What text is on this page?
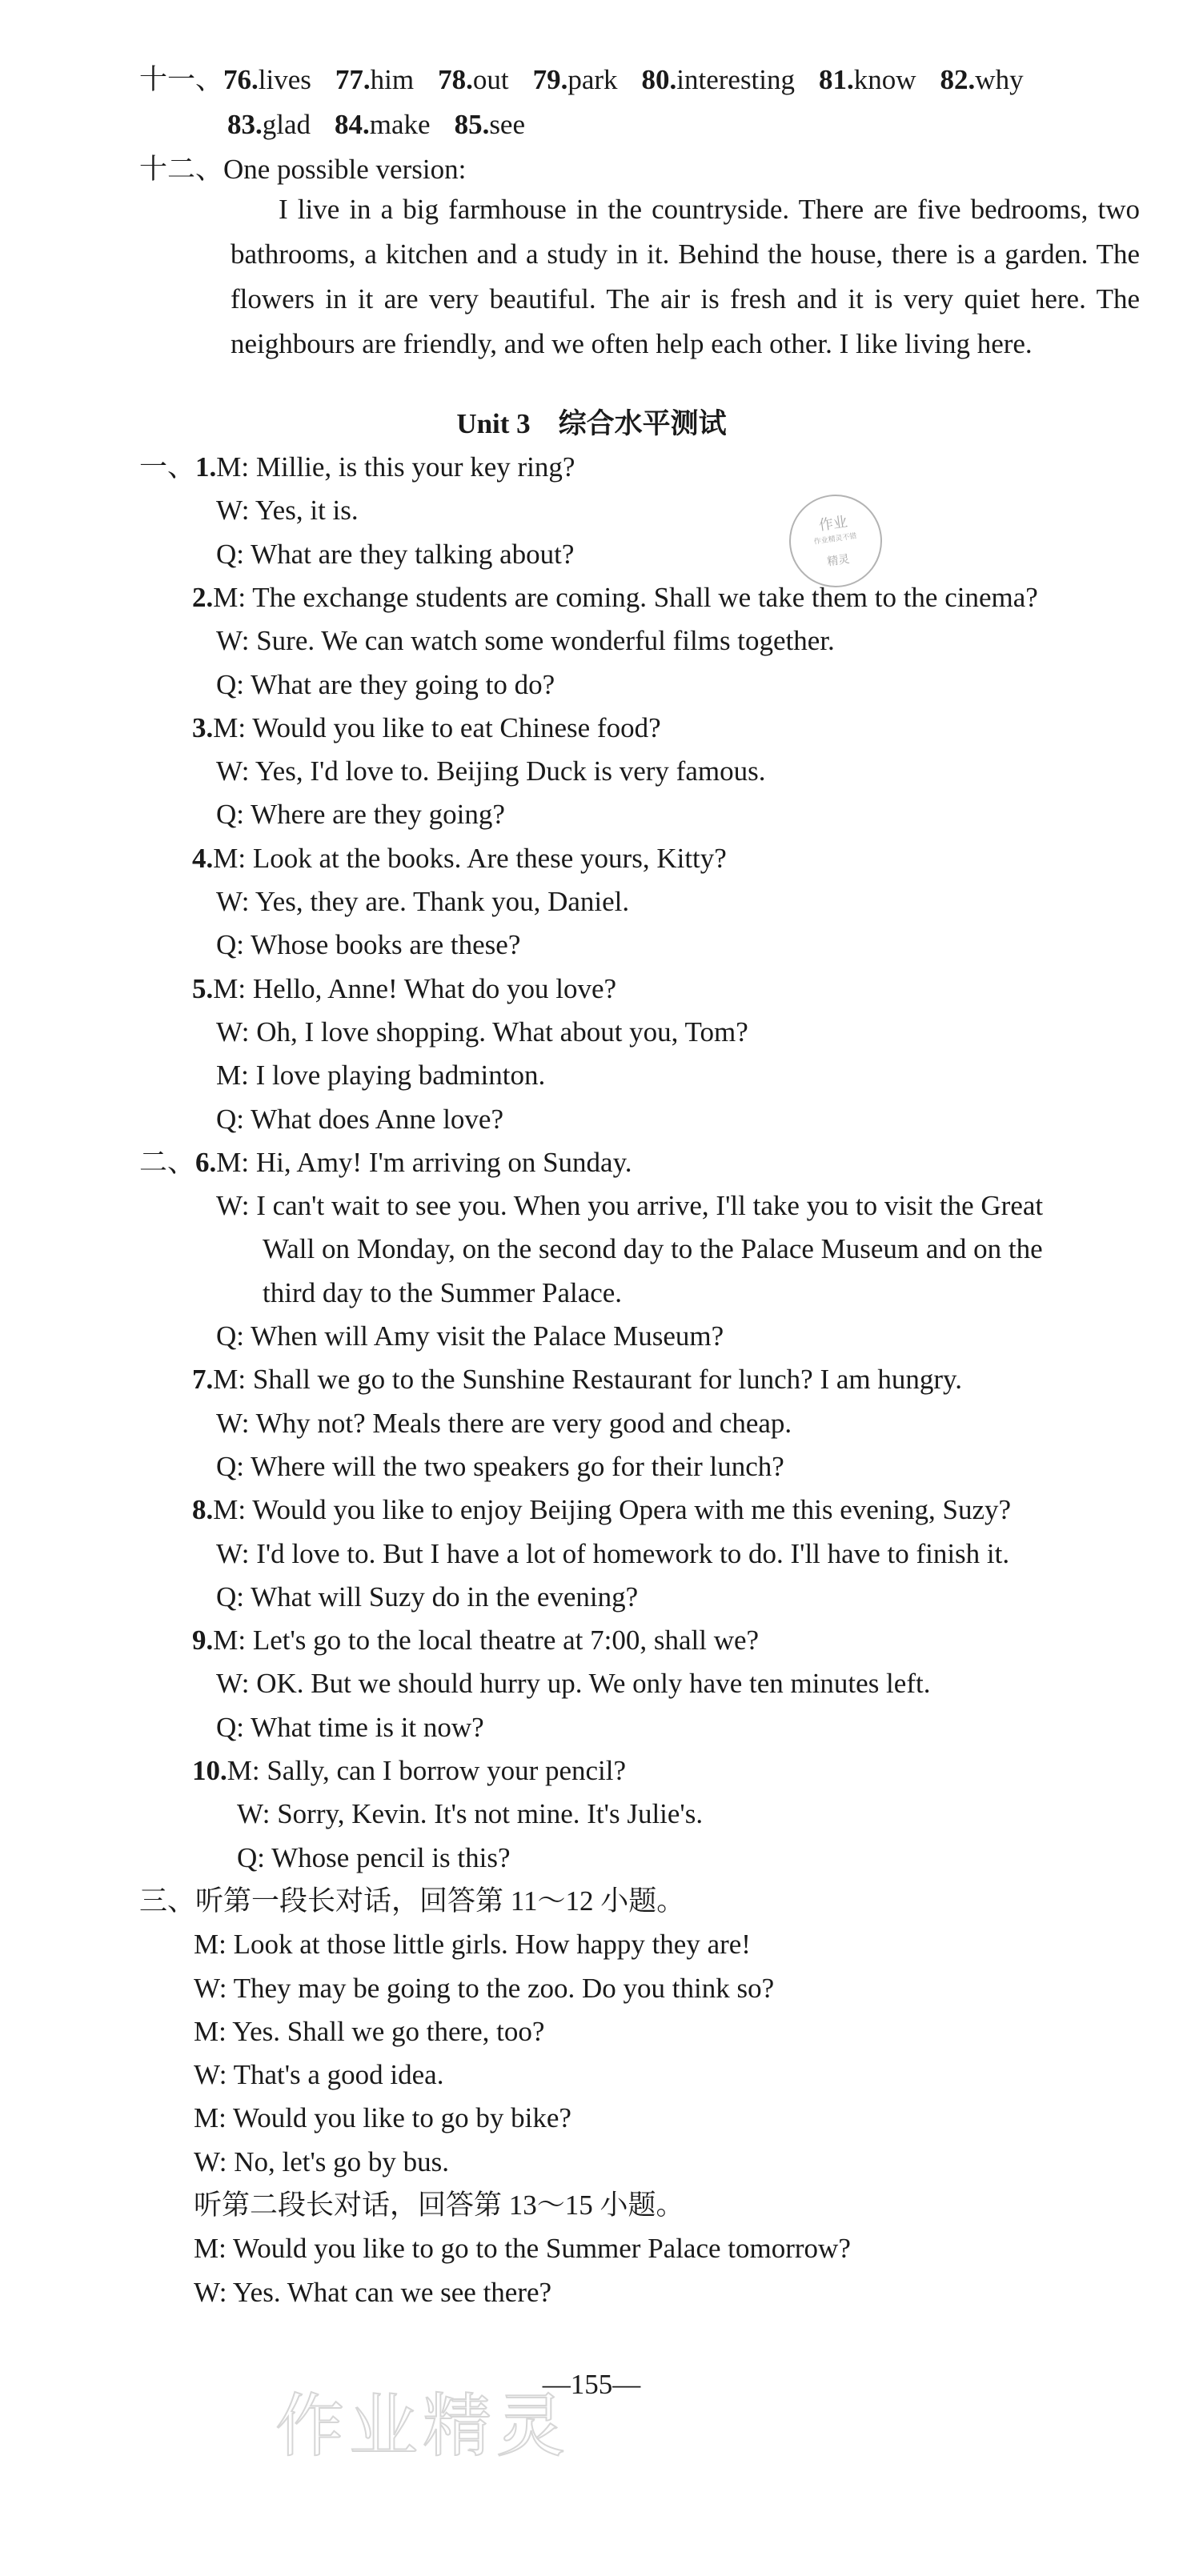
十一、76.lives 77.him 78.out 79.park 80.interesting 81.know 82.why
83.glad 84.make 85.see
十二、One possible version:
I live in a big farmhouse in the countryside. There are five bedrooms, two bathrooms, a kitchen and a study in it. Behind the house, there is a garden. The flowers in it are very beautiful. The air is fresh and it is very quiet here. The neighbours are friendly, and we often help each other. I like living here.
Unit 3　综合水平测试
作业
作业精灵不错
精灵
一、1.M: Millie, is this your key ring?
W: Yes, it is.
Q: What are they talking about?
2.M: The exchange students are coming. Shall we take them to the cinema?
W: Sure. We can watch some wonderful films together.
Q: What are they going to do?
3.M: Would you like to eat Chinese food?
W: Yes, I'd love to. Beijing Duck is very famous.
Q: Where are they going?
4.M: Look at the books. Are these yours, Kitty?
W: Yes, they are. Thank you, Daniel.
Q: Whose books are these?
5.M: Hello, Anne! What do you love?
W: Oh, I love shopping. What about you, Tom?
M: I love playing badminton.
Q: What does Anne love?
二、6.M: Hi, Amy! I'm arriving on Sunday.
W: I can't wait to see you. When you arrive, I'll take you to visit the Great
Wall on Monday, on the second day to the Palace Museum and on the
third day to the Summer Palace.
Q: When will Amy visit the Palace Museum?
7.M: Shall we go to the Sunshine Restaurant for lunch? I am hungry.
W: Why not? Meals there are very good and cheap.
Q: Where will the two speakers go for their lunch?
8.M: Would you like to enjoy Beijing Opera with me this evening, Suzy?
W: I'd love to. But I have a lot of homework to do. I'll have to finish it.
Q: What will Suzy do in the evening?
9.M: Let's go to the local theatre at 7:00, shall we?
W: OK. But we should hurry up. We only have ten minutes left.
Q: What time is it now?
10.M: Sally, can I borrow your pencil?
W: Sorry, Kevin. It's not mine. It's Julie's.
Q: Whose pencil is this?
三、听第一段长对话，回答第 11～12 小题。
M: Look at those little girls. How happy they are!
W: They may be going to the zoo. Do you think so?
M: Yes. Shall we go there, too?
W: That's a good idea.
M: Would you like to go by bike?
W: No, let's go by bus.
听第二段长对话，回答第 13～15 小题。
M: Would you like to go to the Summer Palace tomorrow?
W: Yes. What can we see there?
—155—
作业精灵
